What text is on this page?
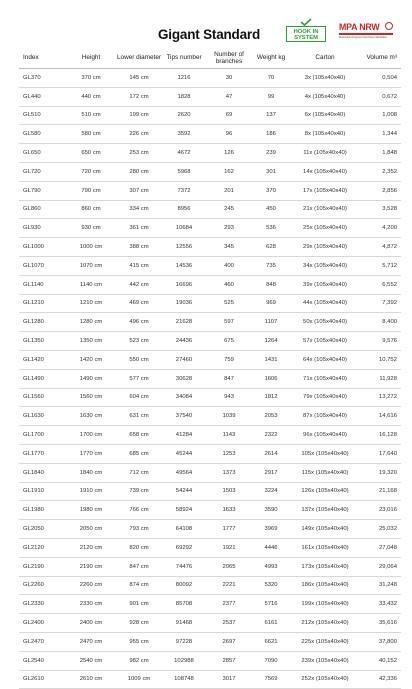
Gigant Standard	HOOK IN SYSTEM
MPA NRW
Materialprüfungsamt Nordrhein-Westfalen
Index	Height	Lower diameter	Tips number	Number of branches	Weight kg	Carton	Volume m³
GL370	370 cm	145 cm	1216	30	70	3x (105x40x40)	0,504
GL440	440 cm	172 cm	1828	47	99	4x (105x40x40)	0,672
GL510	510 cm	199 cm	2620	69	137	6x (105x40x40)	1,008
GL580	580 cm	226 cm	3592	96	186	8x (105x40x40)	1,344
GL650	650 cm	253 cm	4672	126	239	11x (105x40x40)	1,848
GL720	720 cm	280 cm	5968	162	301	14x (105x40x40)	2,352
GL790	790 cm	307 cm	7372	201	370	17x (105x40x40)	2,856
GL860	860 cm	334 cm	8956	245	450	21x (105x40x40)	3,528
GL930	930 cm	361 cm	10684	293	536	25x (105x40x40)	4,200
GL1000	1000 cm	388 cm	12556	345	628	29x (105x40x40)	4,872
GL1070	1070 cm	415 cm	14536	400	735	34x (105x40x40)	5,712
GL1140	1140 cm	442 cm	16696	460	848	39x (105x40x40)	6,552
GL1210	1210 cm	469 cm	19036	525	969	44x (105x40x40)	7,392
GL1280	1280 cm	496 cm	21628	597	1107	50x (105x40x40)	8,400
GL1350	1350 cm	523 cm	24436	675	1264	57x (105x40x40)	9,576
GL1420	1420 cm	550 cm	27460	759	1431	64x (105x40x40)	10,752
GL1490	1490 cm	577 cm	30628	847	1606	71x (105x40x40)	11,928
GL1560	1560 cm	604 cm	34084	943	1812	79x (105x40x40)	13,272
GL1630	1630 cm	631 cm	37540	1039	2053	87x (105x40x40)	14,616
GL1700	1700 cm	658 cm	41284	1143	2322	96x (105x40x40)	16,128
GL1770	1770 cm	685 cm	45244	1253	2614	105x (105x40x40)	17,640
GL1840	1840 cm	712 cm	49564	1373	2917	115x (105x40x40)	19,320
GL1910	1910 cm	739 cm	54244	1503	3224	126x (105x40x40)	21,168
GL1980	1980 cm	766 cm	58924	1633	3590	137x (105x40x40)	23,016
GL2050	2050 cm	793 cm	64108	1777	3969	149x (105x40x40)	25,032
GL2120	2120 cm	820 cm	69292	1921	4446	161x (105x40x40)	27,048
GL2190	2190 cm	847 cm	74476	2065	4993	173x (105x40x40)	29,064
GL2260	2260 cm	874 cm	80092	2221	5320	186x (105x40x40)	31,248
GL2330	2330 cm	901 cm	85708	2377	5716	199x (105x40x40)	33,432
GL2400	2400 cm	928 cm	91468	2537	6161	212x (105x40x40)	35,616
GL2470	2470 cm	955 cm	97228	2697	6621	225x (105x40x40)	37,800
GL2540	2540 cm	982 cm	102988	2857	7090	239x (105x40x40)	40,152
GL2610	2610 cm	1009 cm	108748	3017	7569	252x (105x40x40)	42,336
